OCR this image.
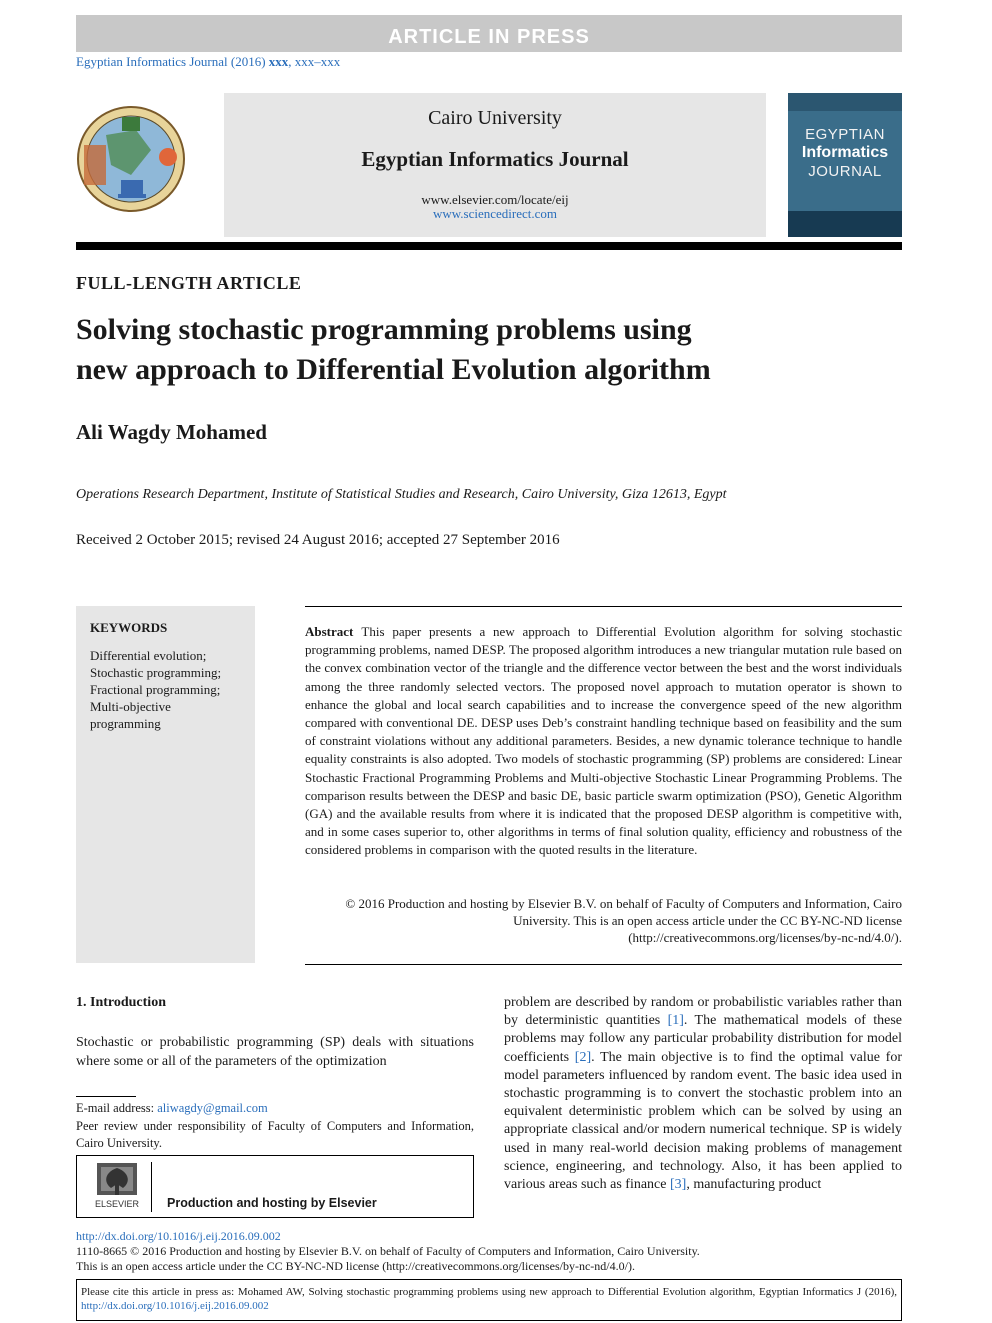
ARTICLE IN PRESS
Egyptian Informatics Journal (2016) xxx, xxx–xxx
Cairo University
Egyptian Informatics Journal
www.elsevier.com/locate/eij
www.sciencedirect.com
EGYPTIAN
Informatics
JOURNAL
FULL-LENGTH ARTICLE
Solving stochastic programming problems using
new approach to Differential Evolution algorithm
Ali Wagdy Mohamed
Operations Research Department, Institute of Statistical Studies and Research, Cairo University, Giza 12613, Egypt
Received 2 October 2015; revised 24 August 2016; accepted 27 September 2016
KEYWORDS
Differential evolution;
Stochastic programming;
Fractional programming;
Multi-objective
programming
Abstract This paper presents a new approach to Differential Evolution algorithm for solving stochastic programming problems, named DESP. The proposed algorithm introduces a new triangular mutation rule based on the convex combination vector of the triangle and the difference vector between the best and the worst individuals among the three randomly selected vectors. The proposed novel approach to mutation operator is shown to enhance the global and local search capabilities and to increase the convergence speed of the new algorithm compared with conventional DE. DESP uses Deb’s constraint handling technique based on feasibility and the sum of constraint violations without any additional parameters. Besides, a new dynamic tolerance technique to handle equality constraints is also adopted. Two models of stochastic programming (SP) problems are considered: Linear Stochastic Fractional Programming Problems and Multi-objective Stochastic Linear Programming Problems. The comparison results between the DESP and basic DE, basic particle swarm optimization (PSO), Genetic Algorithm (GA) and the available results from where it is indicated that the proposed DESP algorithm is competitive with, and in some cases superior to, other algorithms in terms of final solution quality, efficiency and robustness of the considered problems in comparison with the quoted results in the literature.
© 2016 Production and hosting by Elsevier B.V. on behalf of Faculty of Computers and Information, Cairo University. This is an open access article under the CC BY-NC-ND license (http://creativecommons.org/licenses/by-nc-nd/4.0/).
1. Introduction
Stochastic or probabilistic programming (SP) deals with situations where some or all of the parameters of the optimization
E-mail address: aliwagdy@gmail.com
Peer review under responsibility of Faculty of Computers and Information, Cairo University.
ELSEVIER Production and hosting by Elsevier
problem are described by random or probabilistic variables rather than by deterministic quantities [1]. The mathematical models of these problems may follow any particular probability distribution for model coefficients [2]. The main objective is to find the optimal value for model parameters influenced by random event. The basic idea used in stochastic programming is to convert the stochastic problem into an equivalent deterministic problem which can be solved by using an appropriate classical and/or modern numerical technique. SP is widely used in many real-world decision making problems of management science, engineering, and technology. Also, it has been applied to various areas such as finance [3], manufacturing product
http://dx.doi.org/10.1016/j.eij.2016.09.002
1110-8665 © 2016 Production and hosting by Elsevier B.V. on behalf of Faculty of Computers and Information, Cairo University.
This is an open access article under the CC BY-NC-ND license (http://creativecommons.org/licenses/by-nc-nd/4.0/).
Please cite this article in press as: Mohamed AW, Solving stochastic programming problems using new approach to Differential Evolution algorithm, Egyptian Informatics J (2016), http://dx.doi.org/10.1016/j.eij.2016.09.002
